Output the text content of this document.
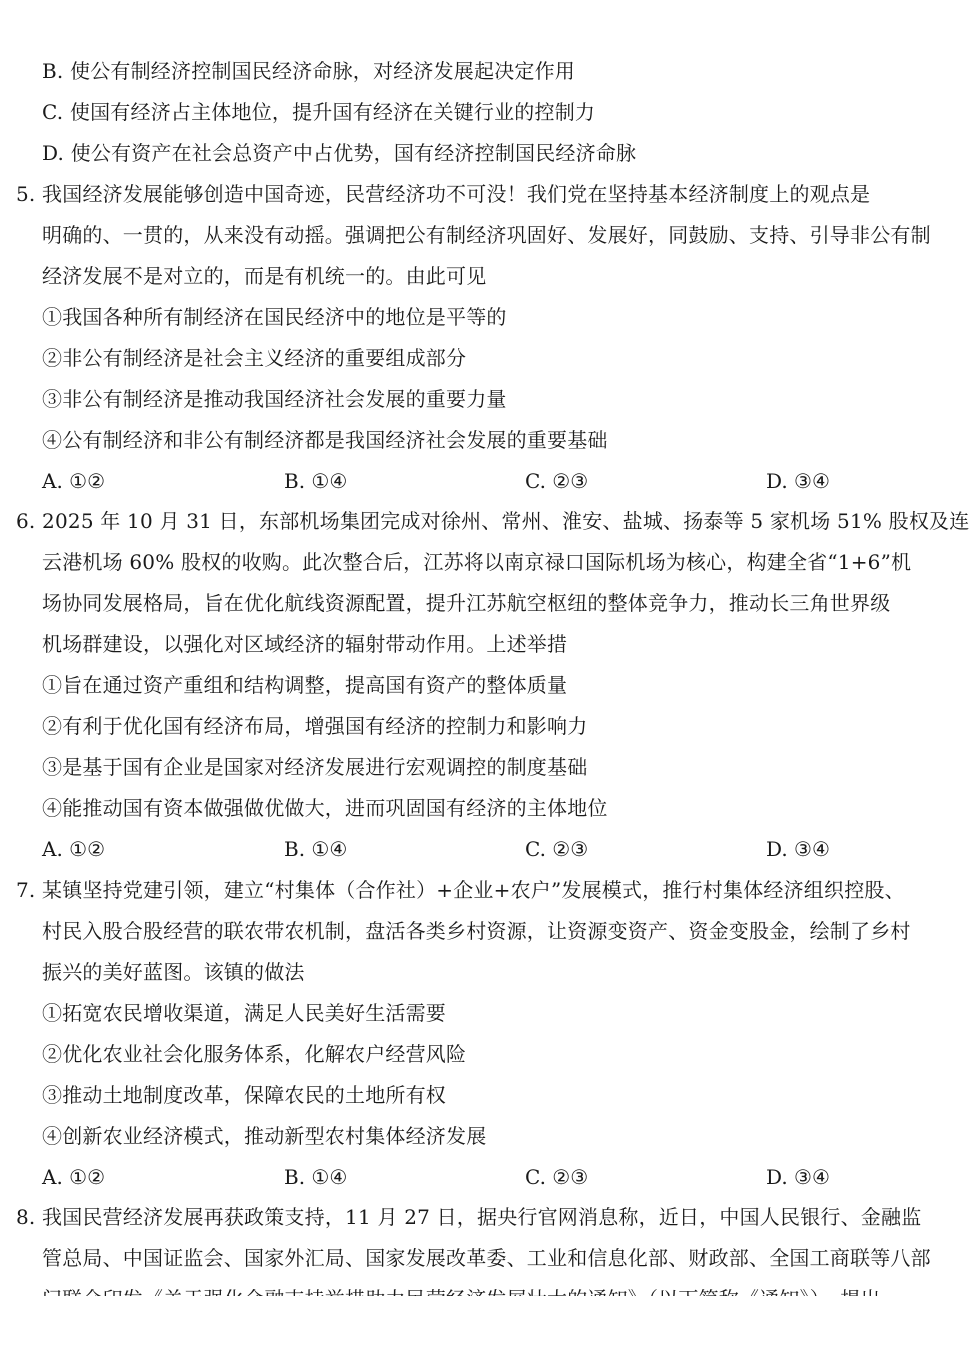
B. 使公有制经济控制国民经济命脉，对经济发展起决定作用
C. 使国有经济占主体地位，提升国有经济在关键行业的控制力
D. 使公有资产在社会总资产中占优势，国有经济控制国民经济命脉
5. 我国经济发展能够创造中国奇迹，民营经济功不可没！我们党在坚持基本经济制度上的观点是
明确的、一贯的，从来没有动摇。强调把公有制经济巩固好、发展好，同鼓励、支持、引导非公有制
经济发展不是对立的，而是有机统一的。由此可见
①我国各种所有制经济在国民经济中的地位是平等的
②非公有制经济是社会主义经济的重要组成部分
③非公有制经济是推动我国经济社会发展的重要力量
④公有制经济和非公有制经济都是我国经济社会发展的重要基础
A. ①②	B. ①④	C. ②③	D. ③④
6. 2025 年 10 月 31 日，东部机场集团完成对徐州、常州、淮安、盐城、扬泰等 5 家机场 51% 股权及连
云港机场 60% 股权的收购。此次整合后，江苏将以南京禄口国际机场为核心，构建全省“1+6”机
场协同发展格局，旨在优化航线资源配置，提升江苏航空枢纽的整体竞争力，推动长三角世界级
机场群建设，以强化对区域经济的辐射带动作用。上述举措
①旨在通过资产重组和结构调整，提高国有资产的整体质量
②有利于优化国有经济布局，增强国有经济的控制力和影响力
③是基于国有企业是国家对经济发展进行宏观调控的制度基础
④能推动国有资本做强做优做大，进而巩固国有经济的主体地位
A. ①②	B. ①④	C. ②③	D. ③④
7. 某镇坚持党建引领，建立“村集体（合作社）+企业+农户”发展模式，推行村集体经济组织控股、
村民入股合股经营的联农带农机制，盘活各类乡村资源，让资源变资产、资金变股金，绘制了乡村
振兴的美好蓝图。该镇的做法
①拓宽农民增收渠道，满足人民美好生活需要
②优化农业社会化服务体系，化解农户经营风险
③推动土地制度改革，保障农民的土地所有权
④创新农业经济模式，推动新型农村集体经济发展
A. ①②	B. ①④	C. ②③	D. ③④
8. 我国民营经济发展再获政策支持，11 月 27 日，据央行官网消息称，近日，中国人民银行、金融监
管总局、中国证监会、国家外汇局、国家发展改革委、工业和信息化部、财政部、全国工商联等八部
